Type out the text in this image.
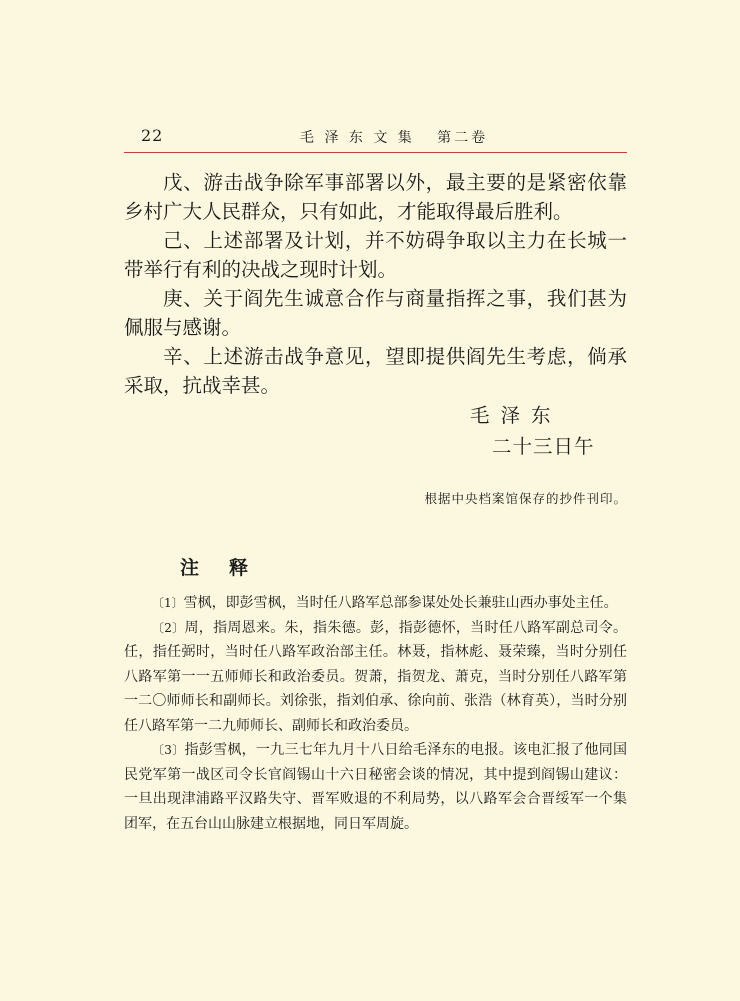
22	毛 泽 东 文 集   第二卷

戊、游击战争除军事部署以外，最主要的是紧密依靠乡村广大人民群众，只有如此，才能取得最后胜利。

己、上述部署及计划，并不妨碍争取以主力在长城一带举行有利的决战之现时计划。

庚、关于阎先生诚意合作与商量指挥之事，我们甚为佩服与感谢。

辛、上述游击战争意见，望即提供阎先生考虑，倘承采取，抗战幸甚。

毛泽东
二十三日午
根据中央档案馆保存的抄件刊印。
注释

〔1〕雪枫，即彭雪枫，当时任八路军总部参谋处处长兼驻山西办事处主任。

〔2〕周，指周恩来。朱，指朱德。彭，指彭德怀，当时任八路军副总司令。任，指任弼时，当时任八路军政治部主任。林聂，指林彪、聂荣臻，当时分别任八路军第一一五师师长和政治委员。贺萧，指贺龙、萧克，当时分别任八路军第一二〇师师长和副师长。刘徐张，指刘伯承、徐向前、张浩（林育英），当时分别任八路军第一二九师师长、副师长和政治委员。

〔3〕指彭雪枫，一九三七年九月十八日给毛泽东的电报。该电汇报了他同国民党军第一战区司令长官阎锡山十六日秘密会谈的情况，其中提到阎锡山建议：一旦出现津浦路平汉路失守、晋军败退的不利局势，以八路军会合晋绥军一个集团军，在五台山山脉建立根据地，同日军周旋。
